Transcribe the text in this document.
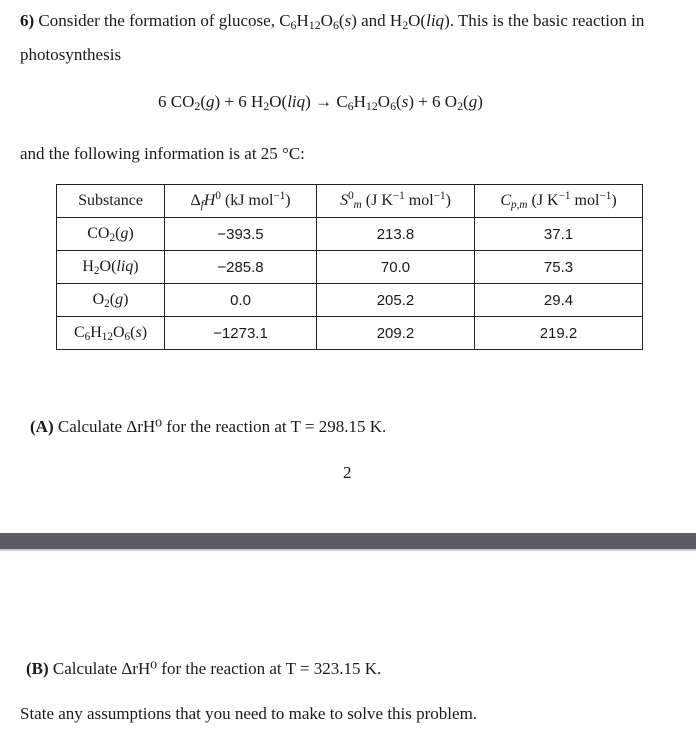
6) Consider the formation of glucose, $C_6H_{12}O_6(s)$ and $H_2O(liq)$. This is the basic reaction in photosynthesis
6 $CO_2(g) + 6$ $H_2O(liq) \to C_6H_{12}O_6(s) + 6$ $O_2(g)$
and the following information is at 25 °C:
Substance	$\Delta_fH^0$ (kJ mol$^{-1}$)	$S^0_m$ (J $K^{-1}$ mol$^{-1}$)	$C_{p,m}$ (J $K^{-1}$ mol$^{-1}$)
$CO_2(g)$	−393.5	213.8	37.1
$H_2O(liq)$	−285.8	70.0	75.3
$O_2(g)$	0.0	205.2	29.4
$C_6H_{12}O_6(s)$	−1273.1	209.2	219.2
(A) Calculate ΔrH⁰ for the reaction at T = 298.15 K.
2
(B) Calculate ΔrH⁰ for the reaction at T = 323.15 K.
State any assumptions that you need to make to solve this problem.
